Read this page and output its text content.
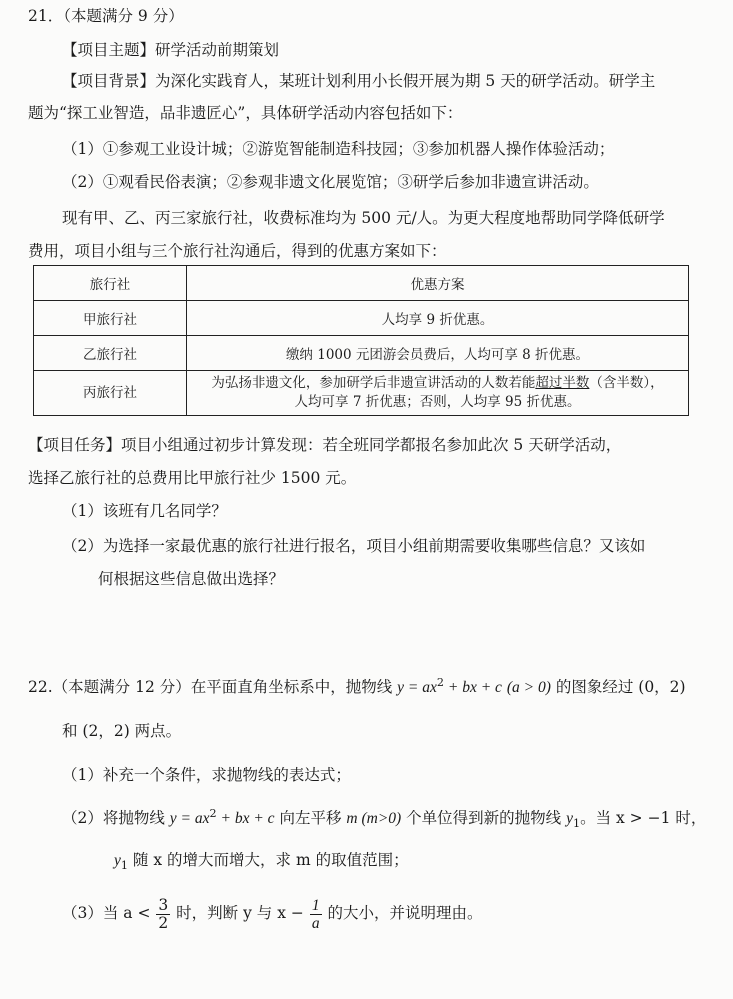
21．（本题满分 9 分）
【项目主题】研学活动前期策划
【项目背景】为深化实践育人，某班计划利用小长假开展为期 5 天的研学活动。研学主
题为“探工业智造，品非遗匠心”，具体研学活动内容包括如下：
（1）①参观工业设计城；②游览智能制造科技园；③参加机器人操作体验活动；
（2）①观看民俗表演；②参观非遗文化展览馆；③研学后参加非遗宣讲活动。
现有甲、乙、丙三家旅行社，收费标准均为 500 元/人。为更大程度地帮助同学降低研学
费用，项目小组与三个旅行社沟通后，得到的优惠方案如下：
旅行社	优惠方案
甲旅行社	人均享 9 折优惠。
乙旅行社	缴纳 1000 元团游会员费后，人均可享 8 折优惠。
丙旅行社	为弘扬非遗文化，参加研学后非遗宣讲活动的人数若能超过半数（含半数），
人均可享 7 折优惠；否则，人均享 95 折优惠。
【项目任务】项目小组通过初步计算发现：若全班同学都报名参加此次 5 天研学活动，
选择乙旅行社的总费用比甲旅行社少 1500 元。
（1）该班有几名同学？
（2）为选择一家最优惠的旅行社进行报名，项目小组前期需要收集哪些信息？又该如
何根据这些信息做出选择？
22.（本题满分 12 分）在平面直角坐标系中，抛物线 $y = ax^2$ + bx + c (a > 0) 的图象经过 (0，2)
和 (2，2) 两点。
（1）补充一个条件，求抛物线的表达式；
（2）将抛物线 $y = ax^2$ + bx + c 向左平移 m (m>0) 个单位得到新的抛物线 $y_1$。当 x > −1 时，
$y_1$ 随 x 的增大而增大，求 m 的取值范围；
（3）当 $a < \frac{3}{2}$ 时，判断 y 与 $x - \frac{1}{a}$ 的大小，并说明理由。
